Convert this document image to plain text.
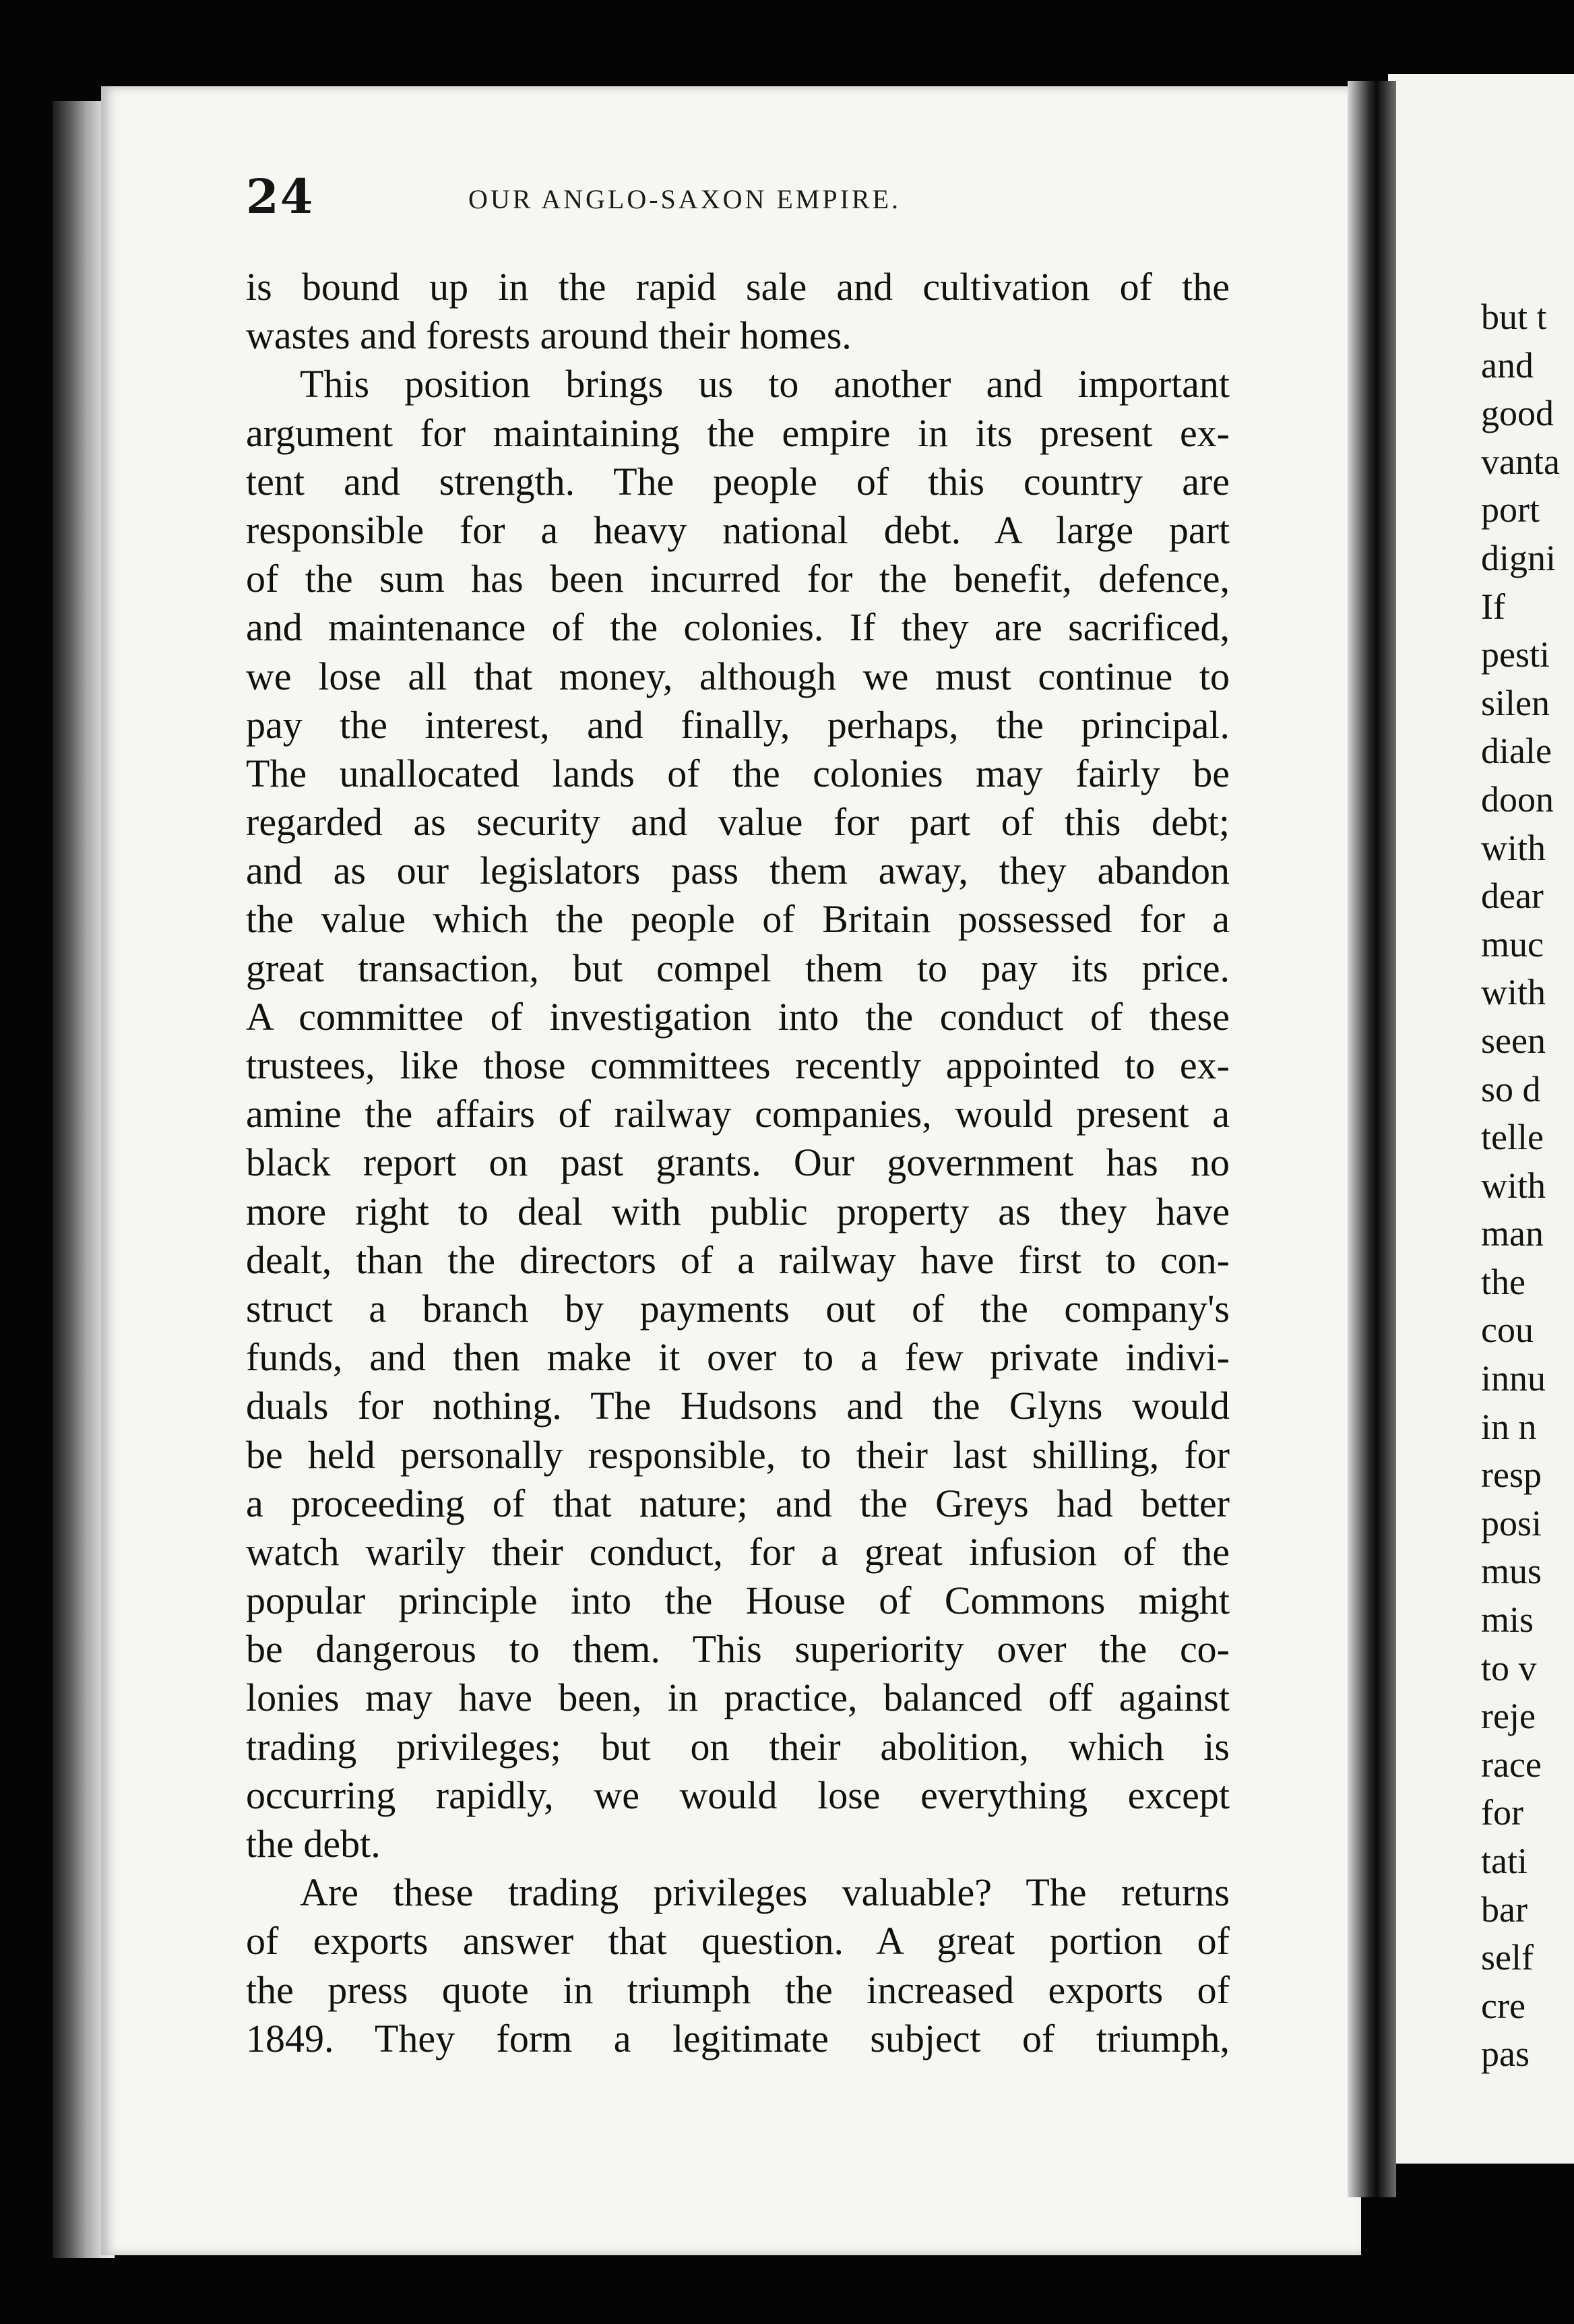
24	OUR ANGLO-SAXON EMPIRE.
is bound up in the rapid sale and cultivation of the
wastes and forests around their homes.
This position brings us to another and important
argument for maintaining the empire in its present ex-
tent and strength. The people of this country are
responsible for a heavy national debt. A large part
of the sum has been incurred for the benefit, defence,
and maintenance of the colonies. If they are sacrificed,
we lose all that money, although we must continue to
pay the interest, and finally, perhaps, the principal.
The unallocated lands of the colonies may fairly be
regarded as security and value for part of this debt;
and as our legislators pass them away, they abandon
the value which the people of Britain possessed for a
great transaction, but compel them to pay its price.
A committee of investigation into the conduct of these
trustees, like those committees recently appointed to ex-
amine the affairs of railway companies, would present a
black report on past grants. Our government has no
more right to deal with public property as they have
dealt, than the directors of a railway have first to con-
struct a branch by payments out of the company's
funds, and then make it over to a few private indivi-
duals for nothing. The Hudsons and the Glyns would
be held personally responsible, to their last shilling, for
a proceeding of that nature; and the Greys had better
watch warily their conduct, for a great infusion of the
popular principle into the House of Commons might
be dangerous to them. This superiority over the co-
lonies may have been, in practice, balanced off against
trading privileges; but on their abolition, which is
occurring rapidly, we would lose everything except
the debt.
Are these trading privileges valuable? The returns
of exports answer that question. A great portion of
the press quote in triumph the increased exports of
1849. They form a legitimate subject of triumph,
but t
and
good
vanta
port
digni
If
pesti
silen
diale
doon
with
dear
muc
with
seen
so d
telle
with
man
the
cou
innu
in n
resp
posi
mus
mis
to v
reje
race
for
tati
bar
self
cre
pas
